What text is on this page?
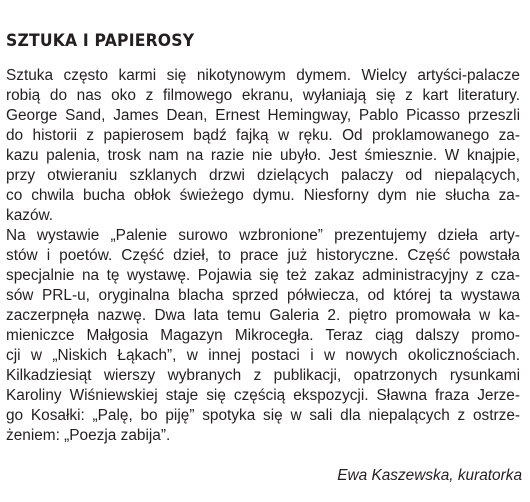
SZTUKA I PAPIEROSY
Sztuka często karmi się nikotynowym dymem. Wielcy artyści-palacze
robią do nas oko z filmowego ekranu, wyłaniają się z kart literatury.
George Sand, James Dean, Ernest Hemingway, Pablo Picasso przeszli
do historii z papierosem bądź fajką w ręku. Od proklamowanego za-
kazu palenia, trosk nam na razie nie ubyło. Jest śmiesznie. W knajpie,
przy otwieraniu szklanych drzwi dzielących palaczy od niepalących,
co chwila bucha obłok świeżego dymu. Niesforny dym nie słucha za-
kazów.
Na wystawie „Palenie surowo wzbronione” prezentujemy dzieła arty-
stów i poetów. Część dzieł, to prace już historyczne. Część powstała
specjalnie na tę wystawę. Pojawia się też zakaz administracyjny z cza-
sów PRL-u, oryginalna blacha sprzed półwiecza, od której ta wystawa
zaczerpnęła nazwę. Dwa lata temu Galeria 2. piętro promowała w ka-
mieniczce Małgosia Magazyn Mikrocegła. Teraz ciąg dalszy promo-
cji w „Niskich Łąkach”, w innej postaci i w nowych okolicznościach.
Kilkadziesiąt wierszy wybranych z publikacji, opatrzonych rysunkami
Karoliny Wiśniewskiej staje się częścią ekspozycji. Sławna fraza Jerze-
go Kosałki: „Palę, bo piję” spotyka się w sali dla niepalących z ostrze-
żeniem: „Poezja zabija”.
Ewa Kaszewska, kuratorka
